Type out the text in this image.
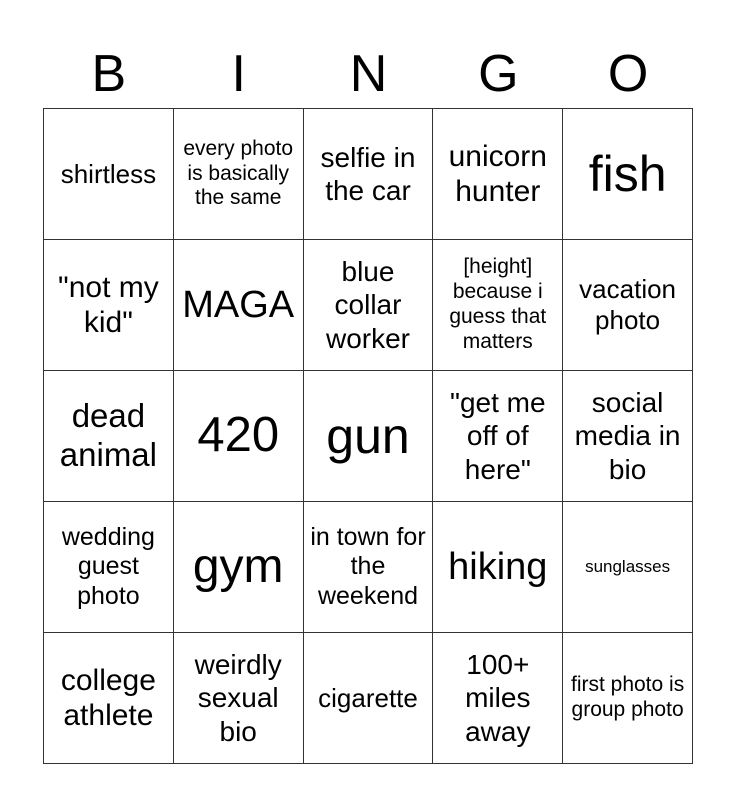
B	I	N	G	O
shirtless	every photo is basically the same	selfie in the car	unicorn hunter	fish
"not my kid"	MAGA	blue collar worker	[height] because i guess that matters	vacation photo
dead animal	420	gun	"get me off of here"	social media in bio
wedding guest photo	gym	in town for the weekend	hiking	sunglasses
college athlete	weirdly sexual bio	cigarette	100+ miles away	first photo is group photo
